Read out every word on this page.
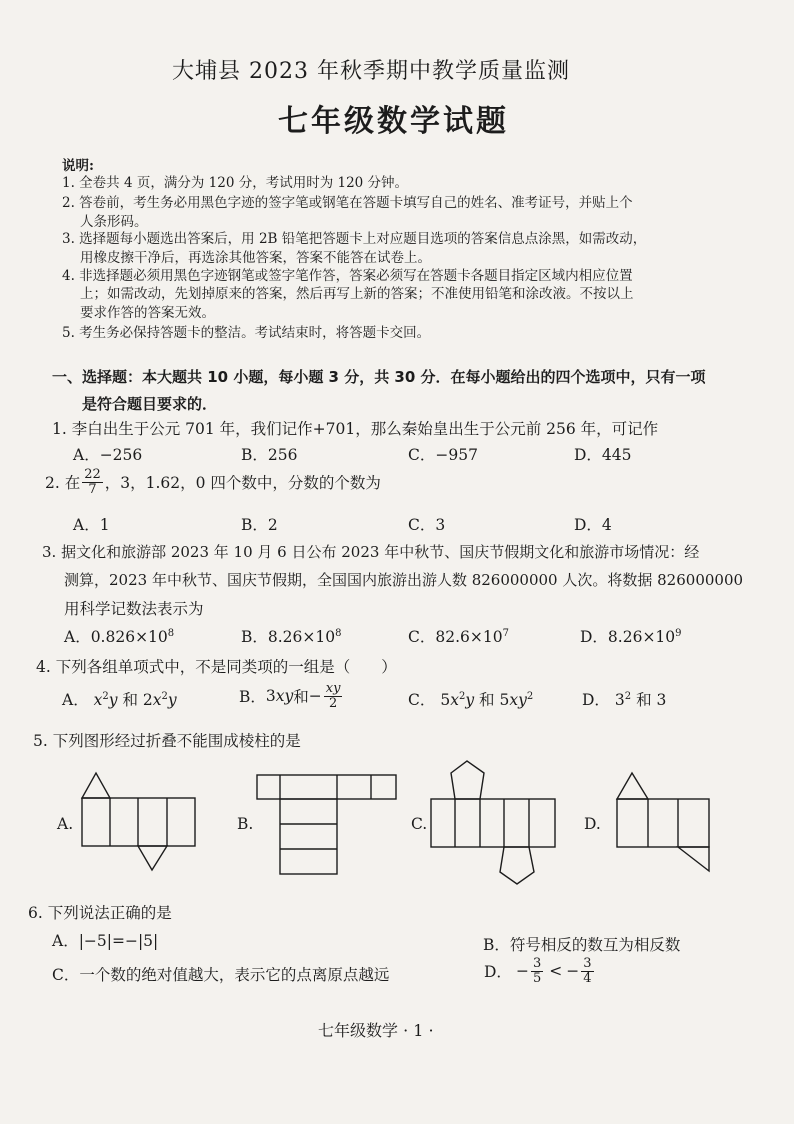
大埔县 2023 年秋季期中教学质量监测
七年级数学试题
说明:
1. 全卷共 4 页，满分为 120 分，考试用时为 120 分钟。
2. 答卷前，考生务必用黑色字迹的签字笔或钢笔在答题卡填写自己的姓名、准考证号，并贴上个
人条形码。
3. 选择题每小题选出答案后，用 2B 铅笔把答题卡上对应题目选项的答案信息点涂黑，如需改动，
用橡皮擦干净后，再选涂其他答案，答案不能答在试卷上。
4. 非选择题必须用黑色字迹钢笔或签字笔作答，答案必须写在答题卡各题目指定区域内相应位置
上；如需改动，先划掉原来的答案，然后再写上新的答案；不准使用铅笔和涂改液。不按以上
要求作答的答案无效。
5. 考生务必保持答题卡的整洁。考试结束时，将答题卡交回。
一、选择题：本大题共 10 小题，每小题 3 分，共 30 分．在每小题给出的四个选项中，只有一项
是符合题目要求的．
1. 李白出生于公元 701 年，我们记作+701，那么秦始皇出生于公元前 256 年，可记作
A．−256	B．256	C．−957	D．445
2. 在 $\frac{22}{7}$ ，3，1.62，0 四个数中，分数的个数为
A．1	B．2	C．3	D．4
3. 据文化和旅游部 2023 年 10 月 6 日公布 2023 年中秋节、国庆节假期文化和旅游市场情况：经
测算，2023 年中秋节、国庆节假期，全国国内旅游出游人数 826000000 人次。将数据 826000000
用科学记数法表示为
A．$0.826\times 10^8$	B．$8.26\times 10^8$	C．$82.6\times 10^7$	D．$8.26\times 10^9$
4. 下列各组单项式中，不是同类项的一组是（　　）
A． $x^2y$ 和 $2x^2y$	B． 3 xy 和 − $\frac{xy}{2}$	C． $5x^2y$ 和 $5xy^2$	D． $3^2$ 和 3
5. 下列图形经过折叠不能围成棱柱的是
A.	B.	C.	D.
6. 下列说法正确的是
A．|−5|=−|5|	B．符号相反的数互为相反数
C．一个数的绝对值越大，表示它的点离原点越远	D． − $\frac{3}{5}$ < − $\frac{3}{4}$
七年级数学 · 1 ·
